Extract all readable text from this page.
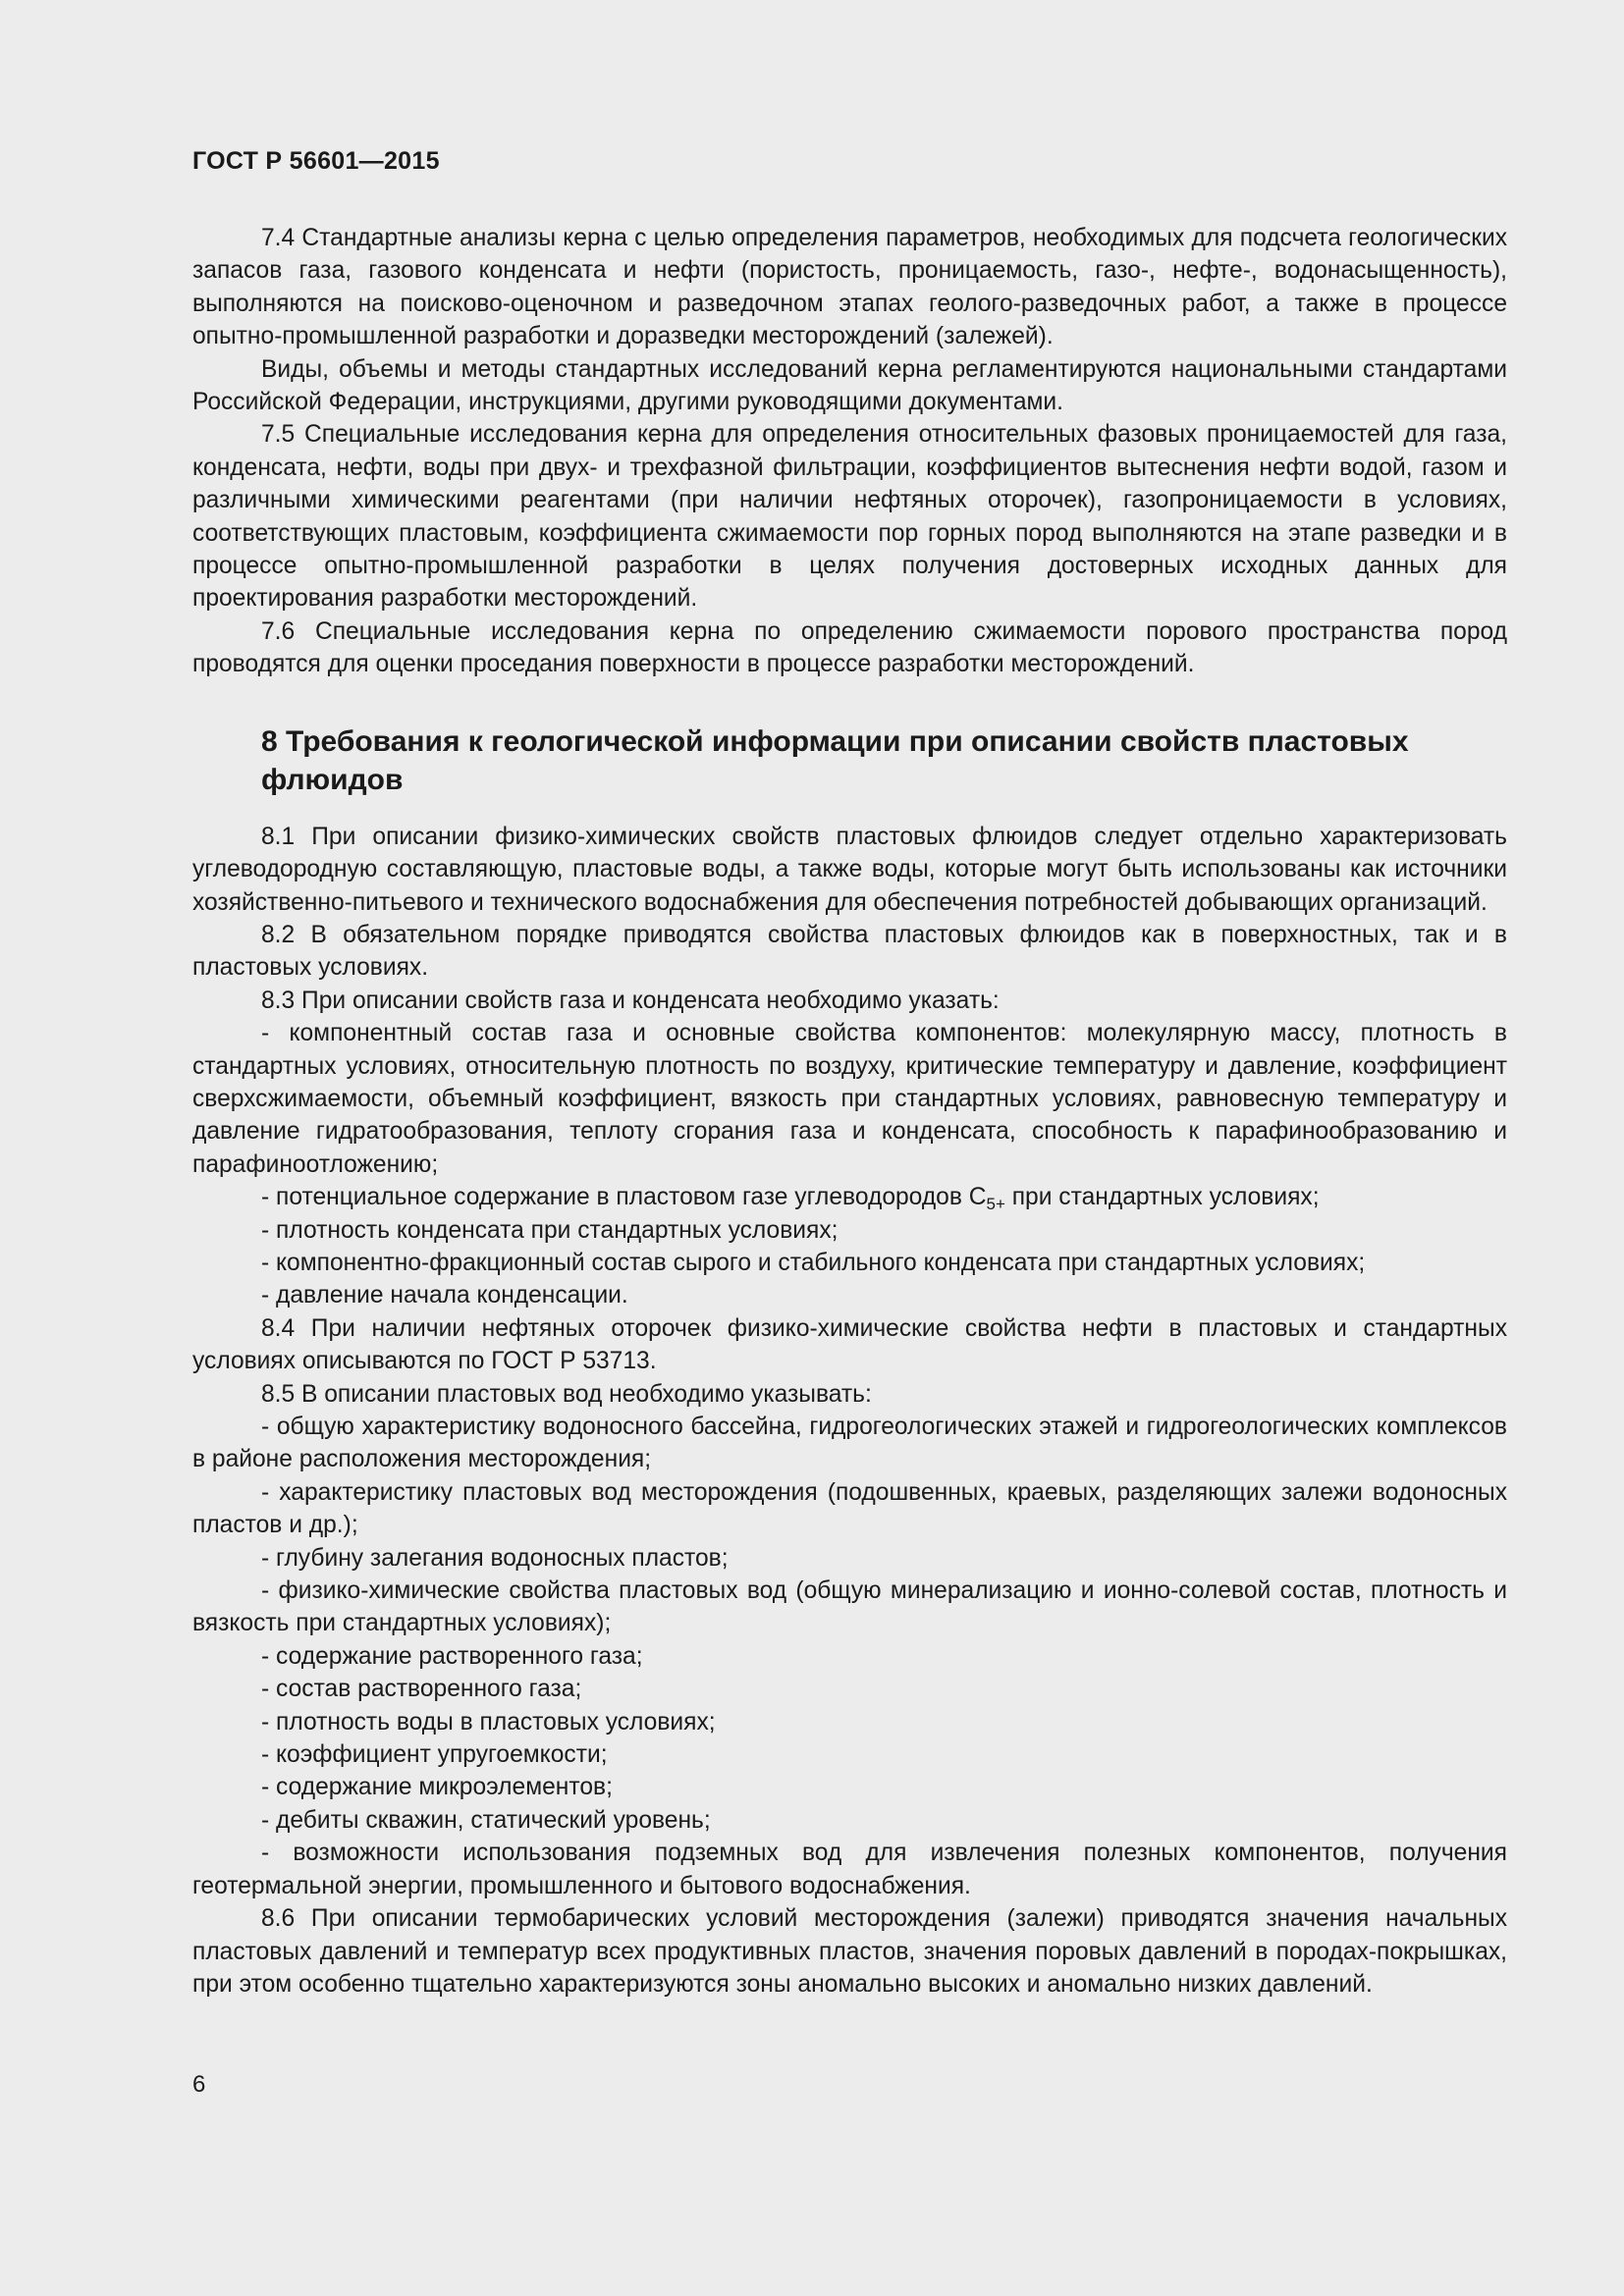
ГОСТ Р 56601—2015

7.4 Стандартные анализы керна с целью определения параметров, необходимых для подсчета геологических запасов газа, газового конденсата и нефти (пористость, проницаемость, газо-, нефте-, водонасыщенность), выполняются на поисково-оценочном и разведочном этапах геолого-разведочных работ, а также в процессе опытно-промышленной разработки и доразведки месторождений (залежей).

Виды, объемы и методы стандартных исследований керна регламентируются национальными стандартами Российской Федерации, инструкциями, другими руководящими документами.

7.5 Специальные исследования керна для определения относительных фазовых проницаемостей для газа, конденсата, нефти, воды при двух- и трехфазной фильтрации, коэффициентов вытеснения нефти водой, газом и различными химическими реагентами (при наличии нефтяных оторочек), газопроницаемости в условиях, соответствующих пластовым, коэффициента сжимаемости пор горных пород выполняются на этапе разведки и в процессе опытно-промышленной разработки в целях получения достоверных исходных данных для проектирования разработки месторождений.

7.6 Специальные исследования керна по определению сжимаемости порового пространства пород проводятся для оценки проседания поверхности в процессе разработки месторождений.

8 Требования к геологической информации при описании свойств пластовых флюидов

8.1 При описании физико-химических свойств пластовых флюидов следует отдельно характеризовать углеводородную составляющую, пластовые воды, а также воды, которые могут быть использованы как источники хозяйственно-питьевого и технического водоснабжения для обеспечения потребностей добывающих организаций.

8.2 В обязательном порядке приводятся свойства пластовых флюидов как в поверхностных, так и в пластовых условиях.

8.3 При описании свойств газа и конденсата необходимо указать:

- компонентный состав газа и основные свойства компонентов: молекулярную массу, плотность в стандартных условиях, относительную плотность по воздуху, критические температуру и давление, коэффициент сверхсжимаемости, объемный коэффициент, вязкость при стандартных условиях, равновесную температуру и давление гидратообразования, теплоту сгорания газа и конденсата, способность к парафинообразованию и парафиноотложению;

- потенциальное содержание в пластовом газе углеводородов $С_{5+}$ при стандартных условиях;

- плотность конденсата при стандартных условиях;

- компонентно-фракционный состав сырого и стабильного конденсата при стандартных условиях;

- давление начала конденсации.

8.4 При наличии нефтяных оторочек физико-химические свойства нефти в пластовых и стандартных условиях описываются по ГОСТ Р 53713.

8.5 В описании пластовых вод необходимо указывать:

- общую характеристику водоносного бассейна, гидрогеологических этажей и гидрогеологических комплексов в районе расположения месторождения;

- характеристику пластовых вод месторождения (подошвенных, краевых, разделяющих залежи водоносных пластов и др.);

- глубину залегания водоносных пластов;

- физико-химические свойства пластовых вод (общую минерализацию и ионно-солевой состав, плотность и вязкость при стандартных условиях);

- содержание растворенного газа;

- состав растворенного газа;

- плотность воды в пластовых условиях;

- коэффициент упругоемкости;

- содержание микроэлементов;

- дебиты скважин, статический уровень;

- возможности использования подземных вод для извлечения полезных компонентов, получения геотермальной энергии, промышленного и бытового водоснабжения.

8.6 При описании термобарических условий месторождения (залежи) приводятся значения начальных пластовых давлений и температур всех продуктивных пластов, значения поровых давлений в породах-покрышках, при этом особенно тщательно характеризуются зоны аномально высоких и аномально низких давлений.

6
